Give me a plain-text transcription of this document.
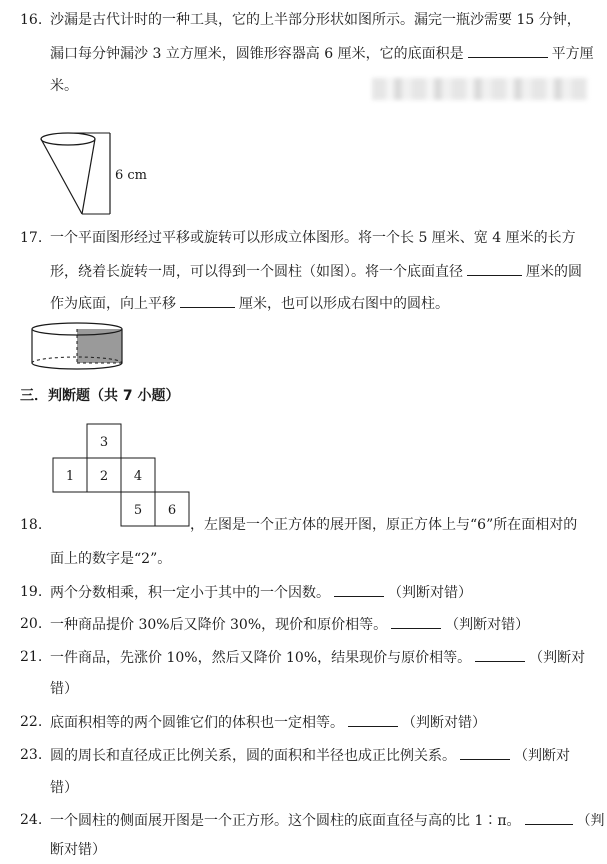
16. 沙漏是古代计时的一种工具，它的上半部分形状如图所示。漏完一瓶沙需要 15 分钟，
漏口每分钟漏沙 3 立方厘米，圆锥形容器高 6 厘米，它的底面积是	平方厘
米。
6 cm
17. 一个平面图形经过平移或旋转可以形成立体图形。将一个长 5 厘米、宽 4 厘米的长方
形，绕着长旋转一周，可以得到一个圆柱（如图）。将一个底面直径	厘米的圆
作为底面，向上平移	厘米，也可以形成右图中的圆柱。
三．判断题（共 7 小题）
3
1 2 4
5 6
18.	，左图是一个正方体的展开图，原正方体上与“6”所在面相对的
面上的数字是“2”。
19. 两个分数相乘，积一定小于其中的一个因数。	（判断对错）
20. 一种商品提价 30%后又降价 30%，现价和原价相等。	（判断对错）
21. 一件商品，先涨价 10%，然后又降价 10%，结果现价与原价相等。	（判断对
错）
22. 底面积相等的两个圆锥它们的体积也一定相等。	（判断对错）
23. 圆的周长和直径成正比例关系，圆的面积和半径也成正比例关系。	（判断对
错）
24. 一个圆柱的侧面展开图是一个正方形。这个圆柱的底面直径与高的比 1∶π。	（判
断对错）
